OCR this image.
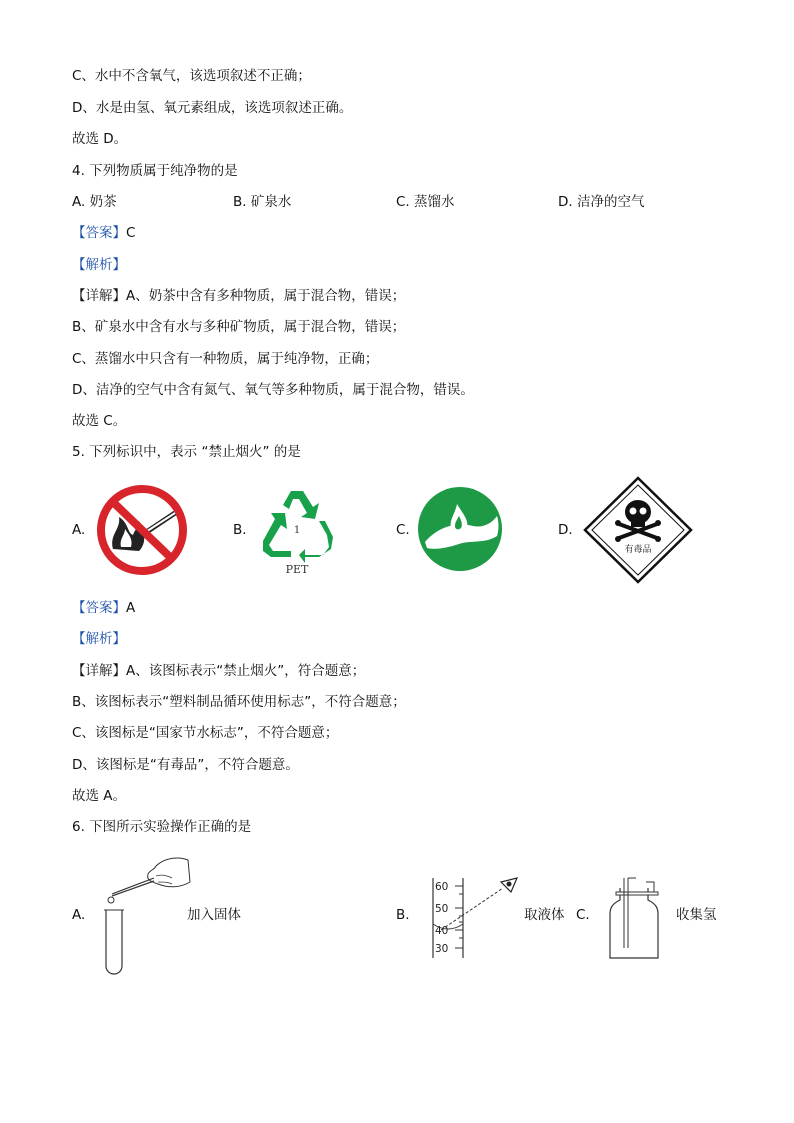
C、水中不含氧气，该选项叙述不正确；
D、水是由氢、氧元素组成，该选项叙述正确。
故选 D。
4. 下列物质属于纯净物的是
A. 奶茶	B. 矿泉水	C. 蒸馏水	D. 洁净的空气
【答案】C
【解析】
【详解】A、奶茶中含有多种物质，属于混合物，错误；
B、矿泉水中含有水与多种矿物质，属于混合物，错误；
C、蒸馏水中只含有一种物质，属于纯净物，正确；
D、洁净的空气中含有氮气、氧气等多种物质，属于混合物，错误。
故选 C。
5. 下列标识中，表示 “禁止烟火” 的是
A.	B.	1
PET
C.	D.
有毒品
【答案】A
【解析】
【详解】A、该图标表示“禁止烟火”，符合题意；
B、该图标表示“塑料制品循环使用标志”，不符合题意；
C、该图标是“国家节水标志”，不符合题意；
D、该图标是“有毒品”，不符合题意。
故选 A。
6. 下图所示实验操作正确的是
A.	加入固体	B.
60
50
40
30
取液体 C.	收集氢
